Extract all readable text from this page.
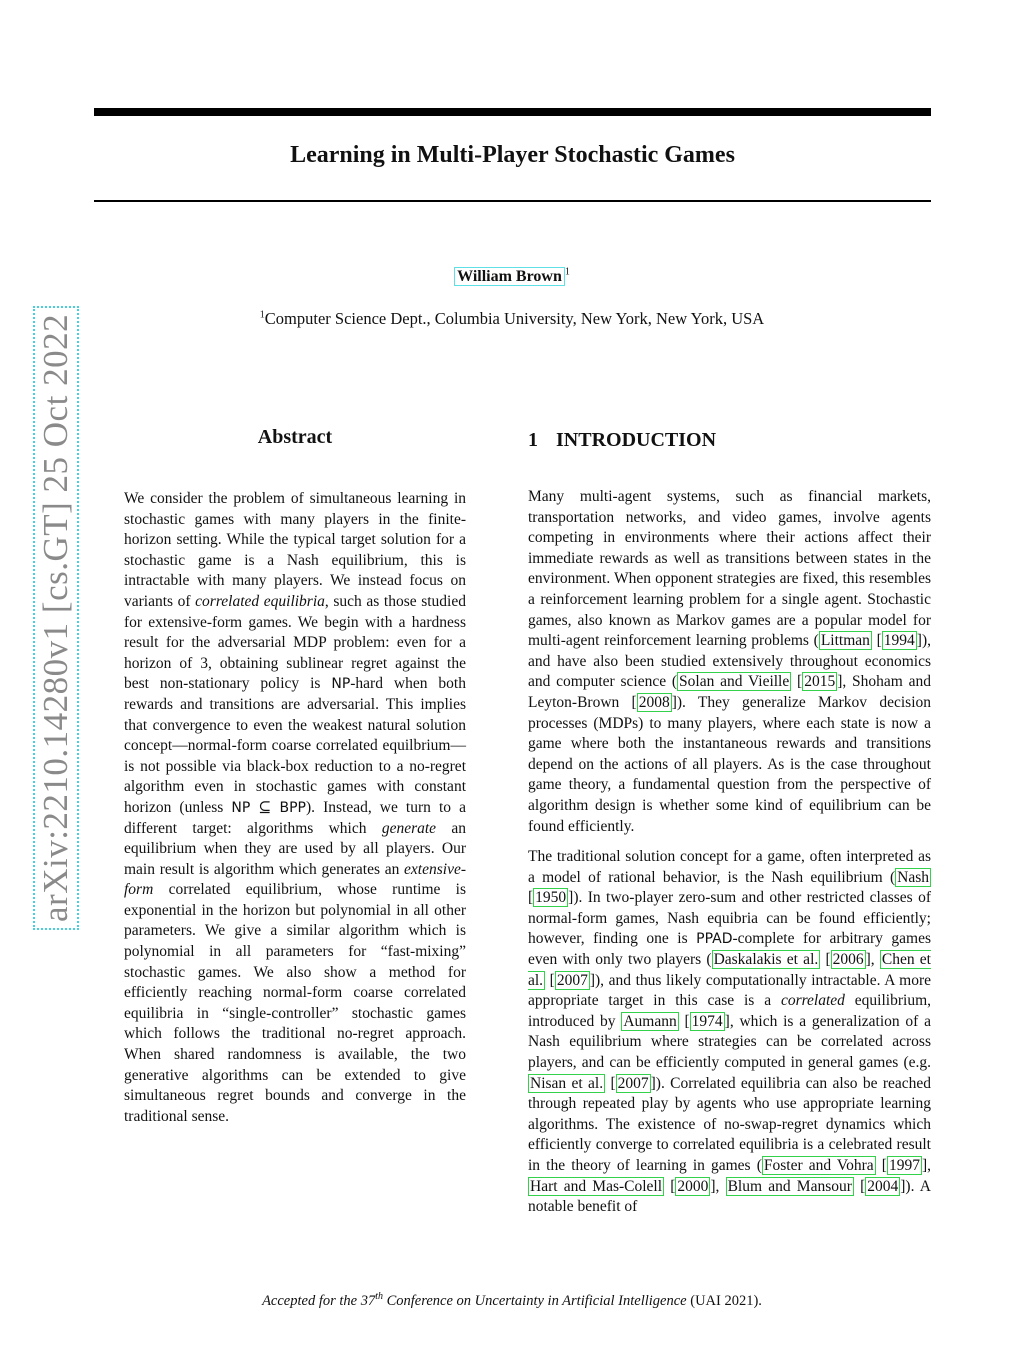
arXiv:2210.14280v1 [cs.GT] 25 Oct 2022
Learning in Multi-Player Stochastic Games
William Brown $^1$
$^1$Computer Science Dept., Columbia University, New York, New York, USA
Abstract

We consider the problem of simultaneous learning in stochastic games with many players in the finite-horizon setting. While the typical target solution for a stochastic game is a Nash equilibrium, this is intractable with many players. We instead focus on variants of correlated equilibria, such as those studied for extensive-form games. We begin with a hardness result for the adversarial MDP problem: even for a horizon of 3, obtaining sublinear regret against the best non-stationary policy is NP-hard when both rewards and transitions are adversarial. This implies that convergence to even the weakest natural solution concept—normal-form coarse correlated equilbrium—is not possible via black-box reduction to a no-regret algorithm even in stochastic games with constant horizon (unless NP ⊆ BPP). Instead, we turn to a different target: algorithms which generate an equilibrium when they are used by all players. Our main result is algorithm which generates an extensive-form correlated equilibrium, whose runtime is exponential in the horizon but polynomial in all other parameters. We give a similar algorithm which is polynomial in all parameters for “fast-mixing” stochastic games. We also show a method for efficiently reaching normal-form coarse correlated equilibria in “single-controller” stochastic games which follows the traditional no-regret approach. When shared randomness is available, the two generative algorithms can be extended to give simultaneous regret bounds and converge in the traditional sense.

1 INTRODUCTION

Many multi-agent systems, such as financial markets, transportation networks, and video games, involve agents competing in environments where their actions affect their immediate rewards as well as transitions between states in the environment. When opponent strategies are fixed, this resembles a reinforcement learning problem for a single agent. Stochastic games, also known as Markov games are a popular model for multi-agent reinforcement learning problems ( Littman [ 1994 ]), and have also been studied extensively throughout economics and computer science ( Solan and Vieille [ 2015 ], Shoham and Leyton-Brown [ 2008 ]). They generalize Markov decision processes (MDPs) to many players, where each state is now a game where both the instantaneous rewards and transitions depend on the actions of all players. As is the case throughout game theory, a fundamental question from the perspective of algorithm design is whether some kind of equilibrium can be found efficiently.

The traditional solution concept for a game, often interpreted as a model of rational behavior, is the Nash equilibrium ( Nash [ 1950 ]). In two-player zero-sum and other restricted classes of normal-form games, Nash equibria can be found efficiently; however, finding one is PPAD-complete for arbitrary games even with only two players ( Daskalakis et al. [ 2006 ], Chen et al. [ 2007 ]), and thus likely computationally intractable. A more appropriate target in this case is a correlated equilibrium, introduced by Aumann [ 1974 ], which is a generalization of a Nash equilibrium where strategies can be correlated across players, and can be efficiently computed in general games (e.g. Nisan et al. [ 2007 ]). Correlated equilibria can also be reached through repeated play by agents who use appropriate learning algorithms. The existence of no-swap-regret dynamics which efficiently converge to correlated equilibria is a celebrated result in the theory of learning in games ( Foster and Vohra [ 1997 ], Hart and Mas-Colell [ 2000 ], Blum and Mansour [ 2004 ]). A notable benefit of

Accepted for the 37th Conference on Uncertainty in Artificial Intelligence (UAI 2021).
